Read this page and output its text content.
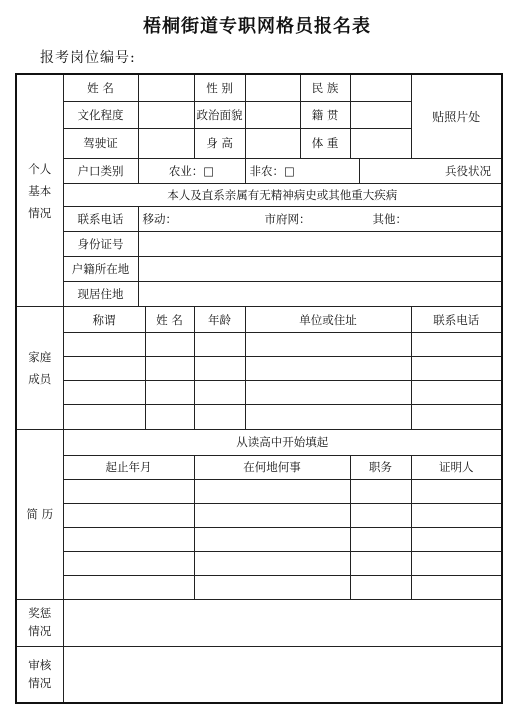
梧桐街道专职网格员报名表
报考岗位编号:
个人基本情况	姓 名			性 别		民 族			贴照片处
	文化程度			政治面貌		籍 贯			
	驾驶证			身 高		体 重			
	户口类别	农业：□			非农：□			兵役状况	
	本人及直系亲属有无精神病史或其他重大疾病								
	联系电话	移动： 市府网： 其他：							

	身份证号								
	户籍所在地								
	现居住地								
家庭成员	称谓		姓 名	年龄	单位或住址				联系电话

简 历	从读高中开始填起								
	起止年月			在何地何事			职务		证明人

奖惩情况									
审核情况									
